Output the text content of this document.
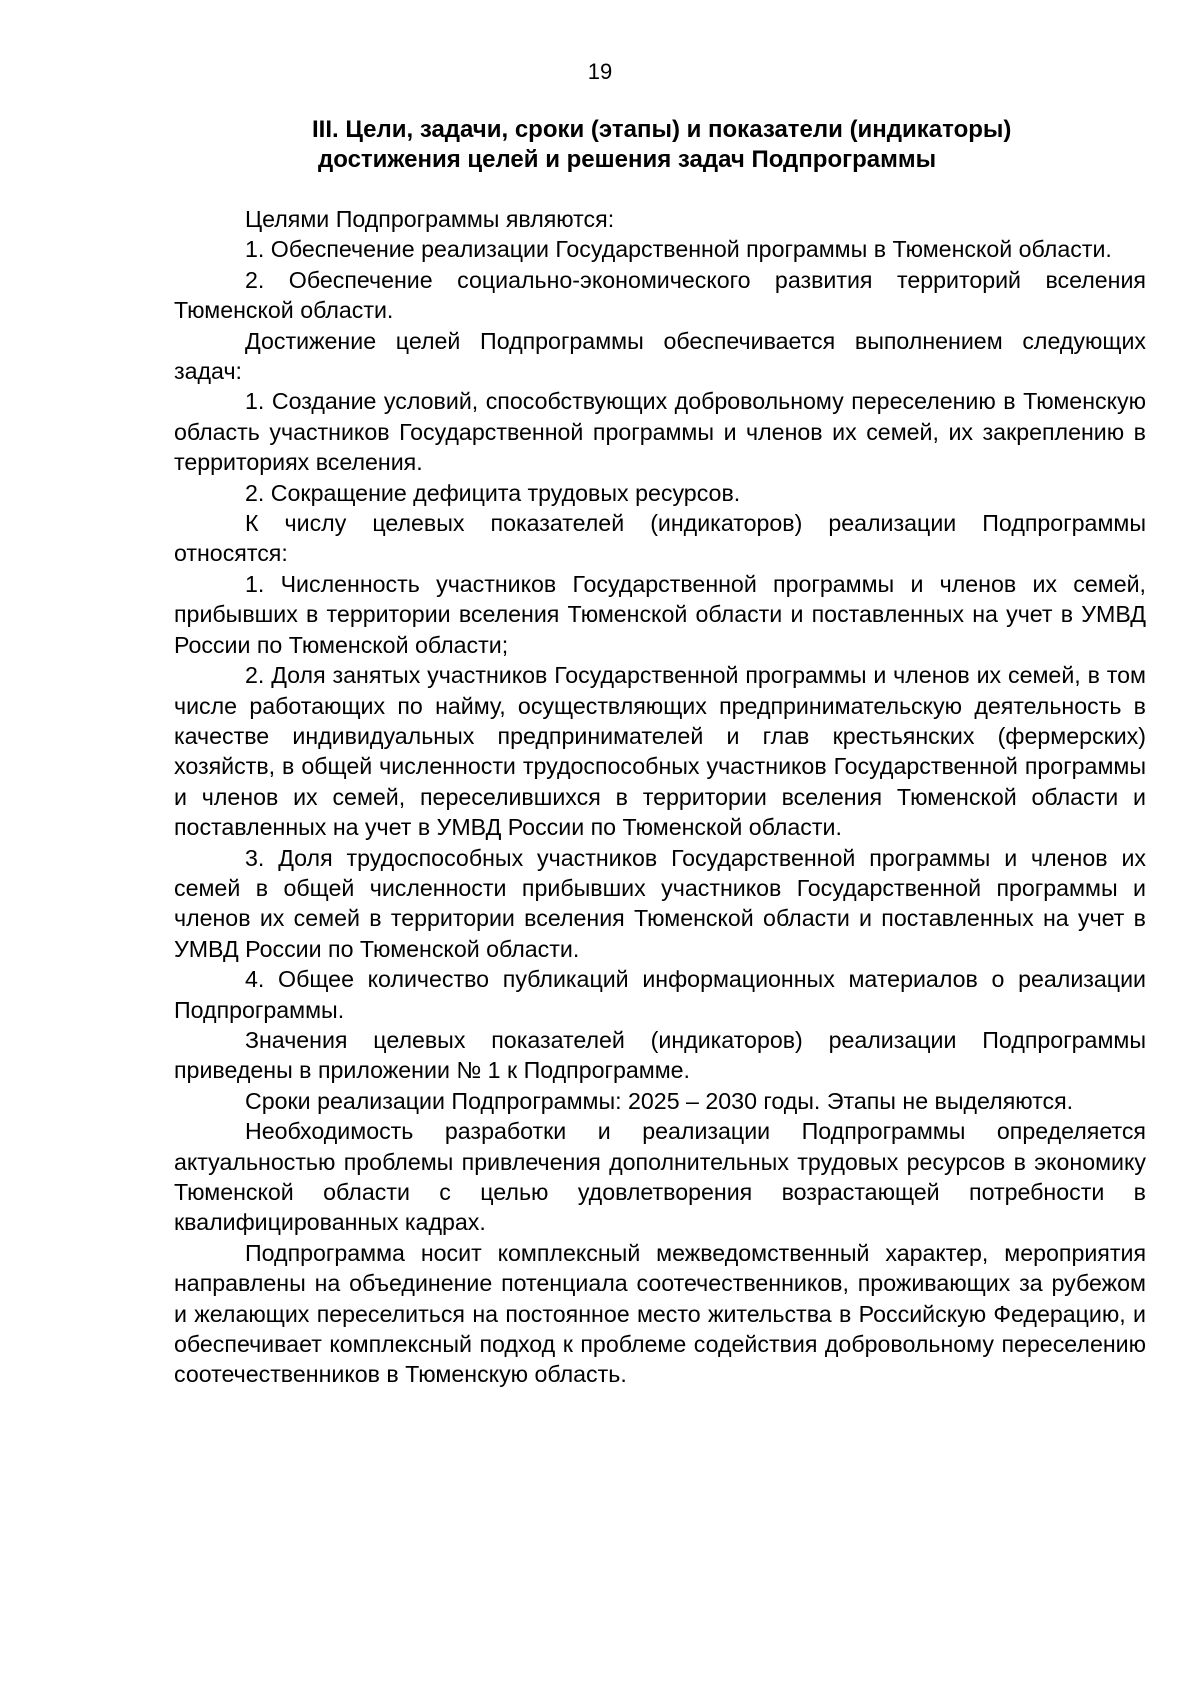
19
III. Цели, задачи, сроки (этапы) и показатели (индикаторы)
достижения целей и решения задач Подпрограммы

Целями Подпрограммы являются:

1. Обеспечение реализации Государственной программы в Тюменской области.

2. Обеспечение социально-экономического развития территорий вселения Тюменской области.

Достижение целей Подпрограммы обеспечивается выполнением следующих задач:

1. Создание условий, способствующих добровольному переселению в Тюменскую область участников Государственной программы и членов их семей, их закреплению в территориях вселения.

2. Сокращение дефицита трудовых ресурсов.

К числу целевых показателей (индикаторов) реализации Подпрограммы относятся:

1. Численность участников Государственной программы и членов их семей, прибывших в территории вселения Тюменской области и поставленных на учет в УМВД России по Тюменской области;

2. Доля занятых участников Государственной программы и членов их семей, в том числе работающих по найму, осуществляющих предпринимательскую деятельность в качестве индивидуальных предпринимателей и глав крестьянских (фермерских) хозяйств, в общей численности трудоспособных участников Государственной программы и членов их семей, переселившихся в территории вселения Тюменской области и поставленных на учет в УМВД России по Тюменской области.

3. Доля трудоспособных участников Государственной программы и членов их семей в общей численности прибывших участников Государственной программы и членов их семей в территории вселения Тюменской области и поставленных на учет в УМВД России по Тюменской области.

4. Общее количество публикаций информационных материалов о реализации Подпрограммы.

Значения целевых показателей (индикаторов) реализации Подпрограммы приведены в приложении № 1 к Подпрограмме.

Сроки реализации Подпрограммы: 2025 – 2030 годы. Этапы не выделяются.

Необходимость разработки и реализации Подпрограммы определяется актуальностью проблемы привлечения дополнительных трудовых ресурсов в экономику Тюменской области с целью удовлетворения возрастающей потребности в квалифицированных кадрах.

Подпрограмма носит комплексный межведомственный характер, мероприятия направлены на объединение потенциала соотечественников, проживающих за рубежом и желающих переселиться на постоянное место жительства в Российскую Федерацию, и обеспечивает комплексный подход к проблеме содействия добровольному переселению соотечественников в Тюменскую область.
